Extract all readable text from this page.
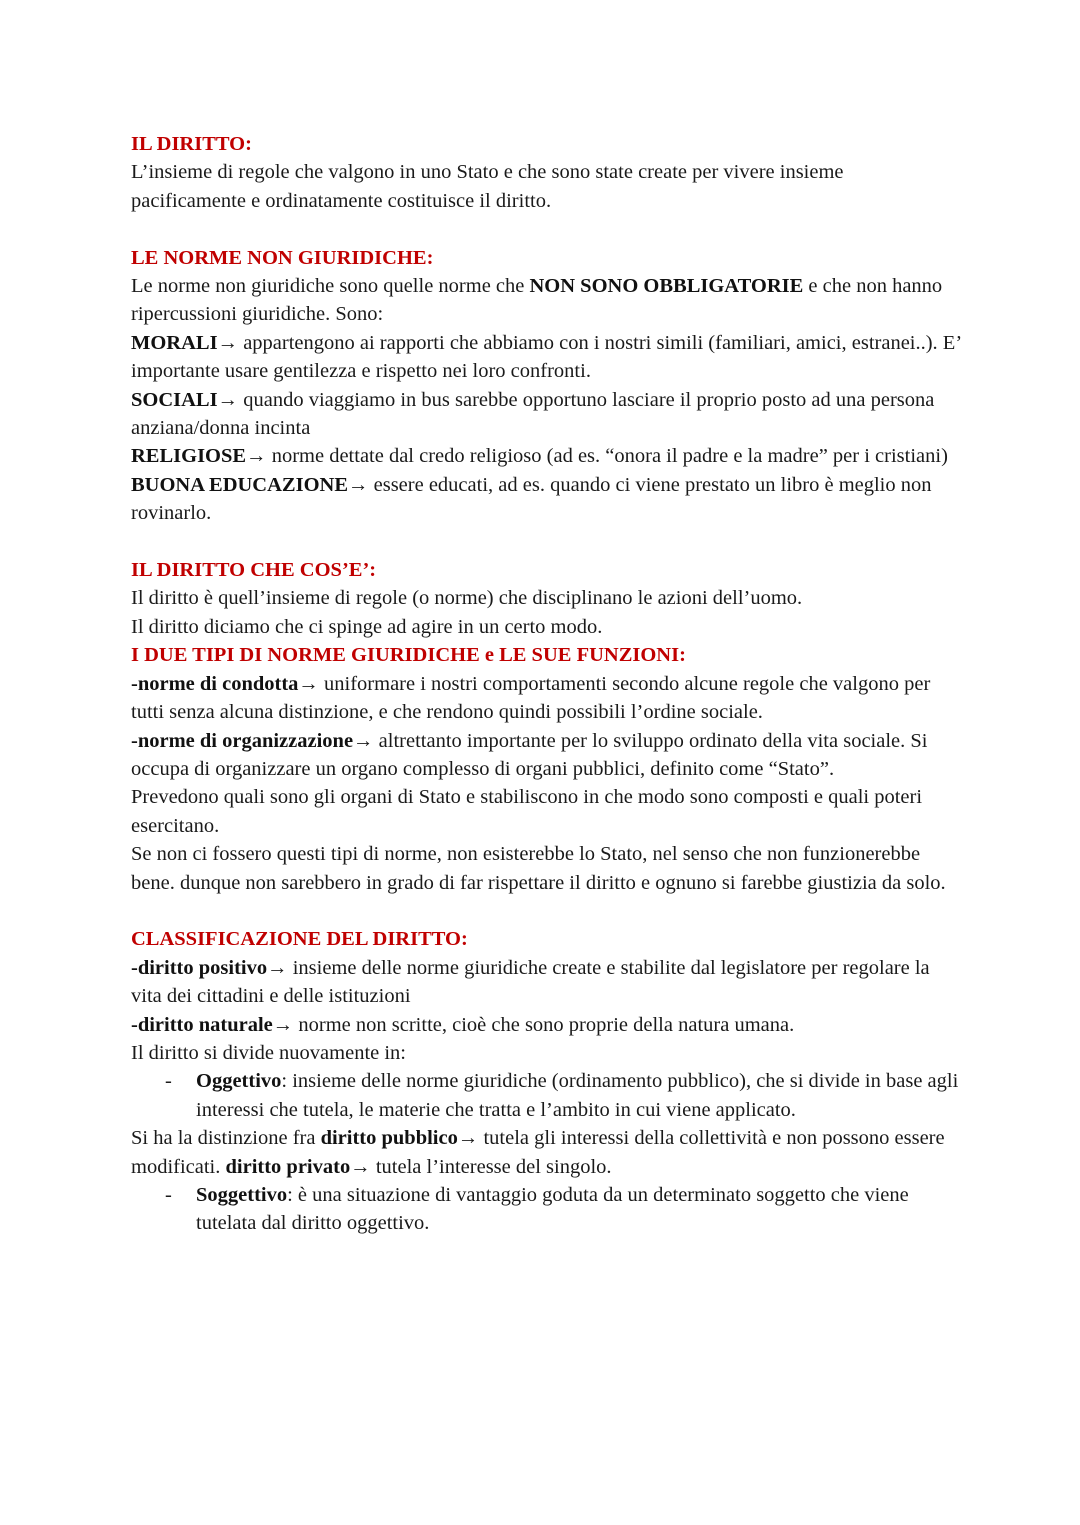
IL DIRITTO:

L’insieme di regole che valgono in uno Stato e che sono state create per vivere insieme pacificamente e ordinatamente costituisce il diritto.

LE NORME NON GIURIDICHE:

Le norme non giuridiche sono quelle norme che NON SONO OBBLIGATORIE e che non hanno ripercussioni giuridiche. Sono:

MORALI→ appartengono ai rapporti che abbiamo con i nostri simili (familiari, amici, estranei..). E’ importante usare gentilezza e rispetto nei loro confronti.

SOCIALI→ quando viaggiamo in bus sarebbe opportuno lasciare il proprio posto ad una persona anziana/donna incinta

RELIGIOSE→ norme dettate dal credo religioso (ad es. “onora il padre e la madre” per i cristiani)

BUONA EDUCAZIONE→ essere educati, ad es. quando ci viene prestato un libro è meglio non rovinarlo.

IL DIRITTO CHE COS’E’:

Il diritto è quell’insieme di regole (o norme) che disciplinano le azioni dell’uomo.

Il diritto diciamo che ci spinge ad agire in un certo modo.

I DUE TIPI DI NORME GIURIDICHE e LE SUE FUNZIONI:

-norme di condotta→ uniformare i nostri comportamenti secondo alcune regole che valgono per tutti senza alcuna distinzione, e che rendono quindi possibili l’ordine sociale.

-norme di organizzazione→ altrettanto importante per lo sviluppo ordinato della vita sociale. Si occupa di organizzare un organo complesso di organi pubblici, definito come “Stato”.

Prevedono quali sono gli organi di Stato e stabiliscono in che modo sono composti e quali poteri esercitano.

Se non ci fossero questi tipi di norme, non esisterebbe lo Stato, nel senso che non funzionerebbe bene. dunque non sarebbero in grado di far rispettare il diritto e ognuno si farebbe giustizia da solo.

CLASSIFICAZIONE DEL DIRITTO:

-diritto positivo→ insieme delle norme giuridiche create e stabilite dal legislatore per regolare la vita dei cittadini e delle istituzioni

-diritto naturale→ norme non scritte, cioè che sono proprie della natura umana.

Il diritto si divide nuovamente in:

- Oggettivo: insieme delle norme giuridiche (ordinamento pubblico), che si divide in base agli interessi che tutela, le materie che tratta e l’ambito in cui viene applicato.

Si ha la distinzione fra diritto pubblico→ tutela gli interessi della collettività e non possono essere modificati. diritto privato→ tutela l’interesse del singolo.

- Soggettivo: è una situazione di vantaggio goduta da un determinato soggetto che viene tutelata dal diritto oggettivo.
